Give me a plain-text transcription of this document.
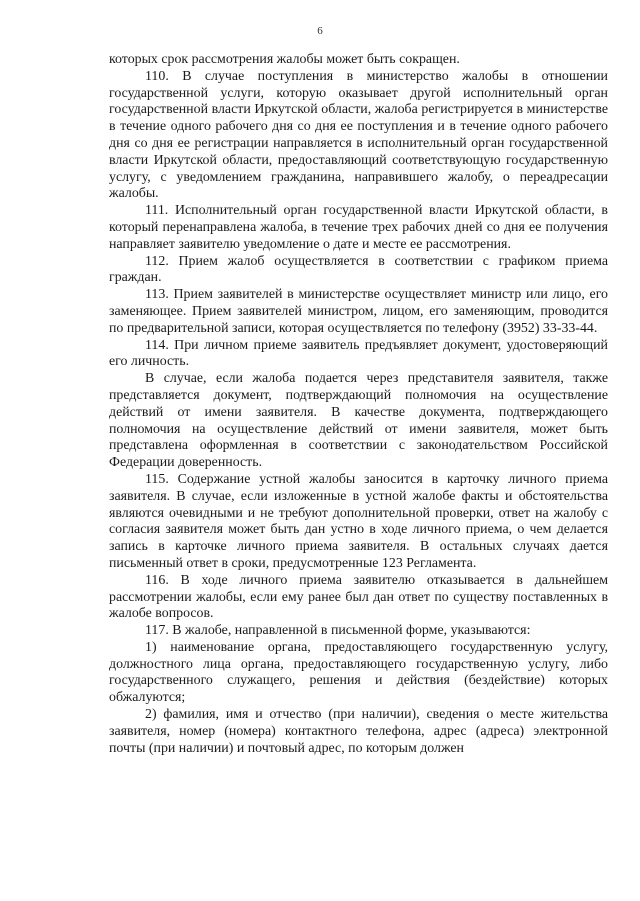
6

которых срок рассмотрения жалобы может быть сокращен.

110. В случае поступления в министерство жалобы в отношении государственной услуги, которую оказывает другой исполнительный орган государственной власти Иркутской области, жалоба регистрируется в министерстве в течение одного рабочего дня со дня ее поступления и в течение одного рабочего дня со дня ее регистрации направляется в исполнительный орган государственной власти Иркутской области, предоставляющий соответствующую государственную услугу, с уведомлением гражданина, направившего жалобу, о переадресации жалобы.

111. Исполнительный орган государственной власти Иркутской области, в который перенаправлена жалоба, в течение трех рабочих дней со дня ее получения направляет заявителю уведомление о дате и месте ее рассмотрения.

112. Прием жалоб осуществляется в соответствии с графиком приема граждан.

113. Прием заявителей в министерстве осуществляет министр или лицо, его заменяющее. Прием заявителей министром, лицом, его заменяющим, проводится по предварительной записи, которая осуществляется по телефону (3952) 33-33-44.

114. При личном приеме заявитель предъявляет документ, удостоверяющий его личность.

В случае, если жалоба подается через представителя заявителя, также представляется документ, подтверждающий полномочия на осуществление действий от имени заявителя. В качестве документа, подтверждающего полномочия на осуществление действий от имени заявителя, может быть представлена оформленная в соответствии с законодательством Российской Федерации доверенность.

115. Содержание устной жалобы заносится в карточку личного приема заявителя. В случае, если изложенные в устной жалобе факты и обстоятельства являются очевидными и не требуют дополнительной проверки, ответ на жалобу с согласия заявителя может быть дан устно в ходе личного приема, о чем делается запись в карточке личного приема заявителя. В остальных случаях дается письменный ответ в сроки, предусмотренные 123 Регламента.

116. В ходе личного приема заявителю отказывается в дальнейшем рассмотрении жалобы, если ему ранее был дан ответ по существу поставленных в жалобе вопросов.

117. В жалобе, направленной в письменной форме, указываются:

1) наименование органа, предоставляющего государственную услугу, должностного лица органа, предоставляющего государственную услугу, либо государственного служащего, решения и действия (бездействие) которых обжалуются;

2) фамилия, имя и отчество (при наличии), сведения о месте жительства заявителя, номер (номера) контактного телефона, адрес (адреса) электронной почты (при наличии) и почтовый адрес, по которым должен
